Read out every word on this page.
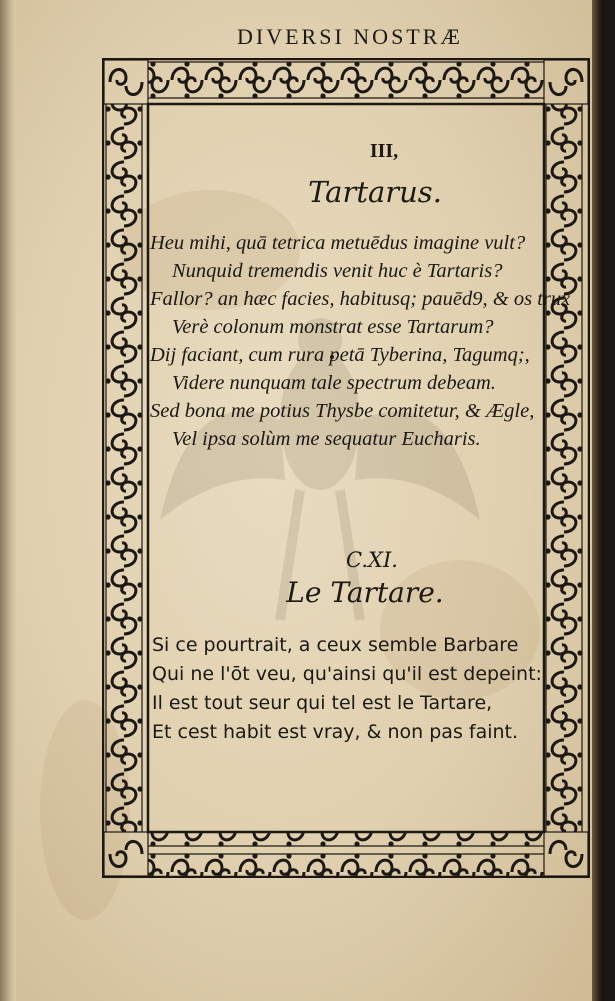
DIVERSI NOSTRÆ
III,
Tartarus.
Heu mihi, quā tetrica metuēdus imagine vult?
Nunquid tremendis venit huc è Tartaris?
Fallor? an hæc facies, habitusq; pauēd9, & os trux
Verè colonum monstrat esse Tartarum?
Dij faciant, cum rura petā Tyberina, Tagumq;,
Videre nunquam tale spectrum debeam.
Sed bona me potius Thysbe comitetur, & Ægle,
Vel ipsa solùm me sequatur Eucharis.
C.XI.
Le Tartare.
Si ce pourtrait, a ceux semble Barbare
Qui ne l'ōt veu, qu'ainsi qu'il est depeint:
Il est tout seur qui tel est le Tartare,
Et cest habit est vray, & non pas faint.
